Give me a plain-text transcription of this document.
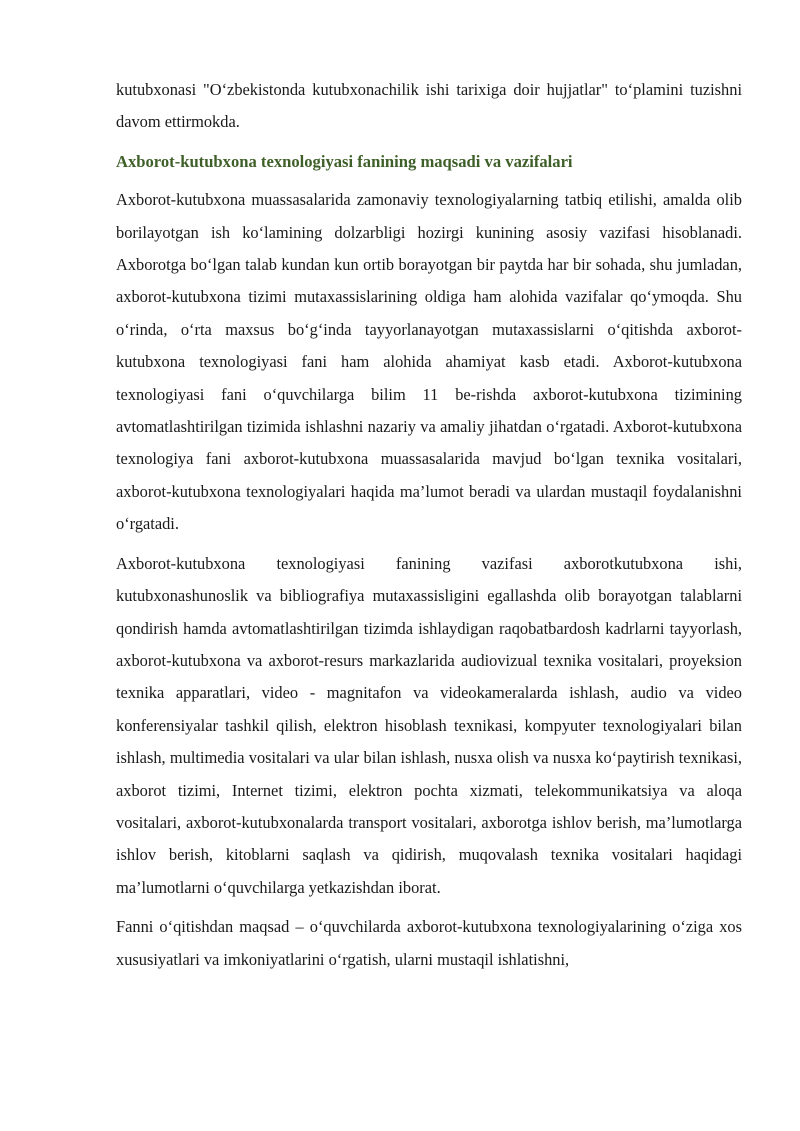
kutubxonasi "O‘zbekistonda kutubxonachilik ishi tarixiga doir hujjatlar" to‘plamini tuzishni davom ettirmokda.

Axborot-kutubxona texnologiyasi fanining maqsadi va vazifalari

Axborot-kutubxona muassasalarida zamonaviy texnologiyalarning tatbiq etilishi, amalda olib borilayotgan ish ko‘lamining dolzarbligi hozirgi kunining asosiy vazifasi hisoblanadi. Axborotga bo‘lgan talab kundan kun ortib borayotgan bir paytda har bir sohada, shu jumladan, axborot-kutubxona tizimi mutaxassislarining oldiga ham alohida vazifalar qo‘ymoqda. Shu o‘rinda, o‘rta maxsus bo‘g‘inda tayyorlanayotgan mutaxassislarni o‘qitishda axborot-kutubxona texnologiyasi fani ham alohida ahamiyat kasb etadi. Axborot-kutubxona texnologiyasi fani o‘quvchilarga bilim 11 be-rishda axborot-kutubxona tizimining avtomatlashtirilgan tizimida ishlashni nazariy va amaliy jihatdan o‘rgatadi. Axborot-kutubxona texnologiya fani axborot-kutubxona muassasalarida mavjud bo‘lgan texnika vositalari, axborot-kutubxona texnologiyalari haqida ma’lumot beradi va ulardan mustaqil foydalanishni o‘rgatadi.

Axborot-kutubxona texnologiyasi fanining vazifasi axborotkutubxona ishi, kutubxonashunoslik va bibliografiya mutaxassisligini egallashda olib borayotgan talablarni qondirish hamda avtomatlashtirilgan tizimda ishlaydigan raqobatbardosh kadrlarni tayyorlash, axborot-kutubxona va axborot-resurs markazlarida audiovizual texnika vositalari, proyeksion texnika apparatlari, video - magnitafon va videokameralarda ishlash, audio va video konferensiyalar tashkil qilish, elektron hisoblash texnikasi, kompyuter texnologiyalari bilan ishlash, multimedia vositalari va ular bilan ishlash, nusxa olish va nusxa ko‘paytirish texnikasi, axborot tizimi, Internet tizimi, elektron pochta xizmati, telekommunikatsiya va aloqa vositalari, axborot-kutubxonalarda transport vositalari, axborotga ishlov berish, ma’lumotlarga ishlov berish, kitoblarni saqlash va qidirish, muqovalash texnika vositalari haqidagi ma’lumotlarni o‘quvchilarga yetkazishdan iborat.

Fanni o‘qitishdan maqsad – o‘quvchilarda axborot-kutubxona texnologiyalarining o‘ziga xos xususiyatlari va imkoniyatlarini o‘rgatish, ularni mustaqil ishlatishni,
